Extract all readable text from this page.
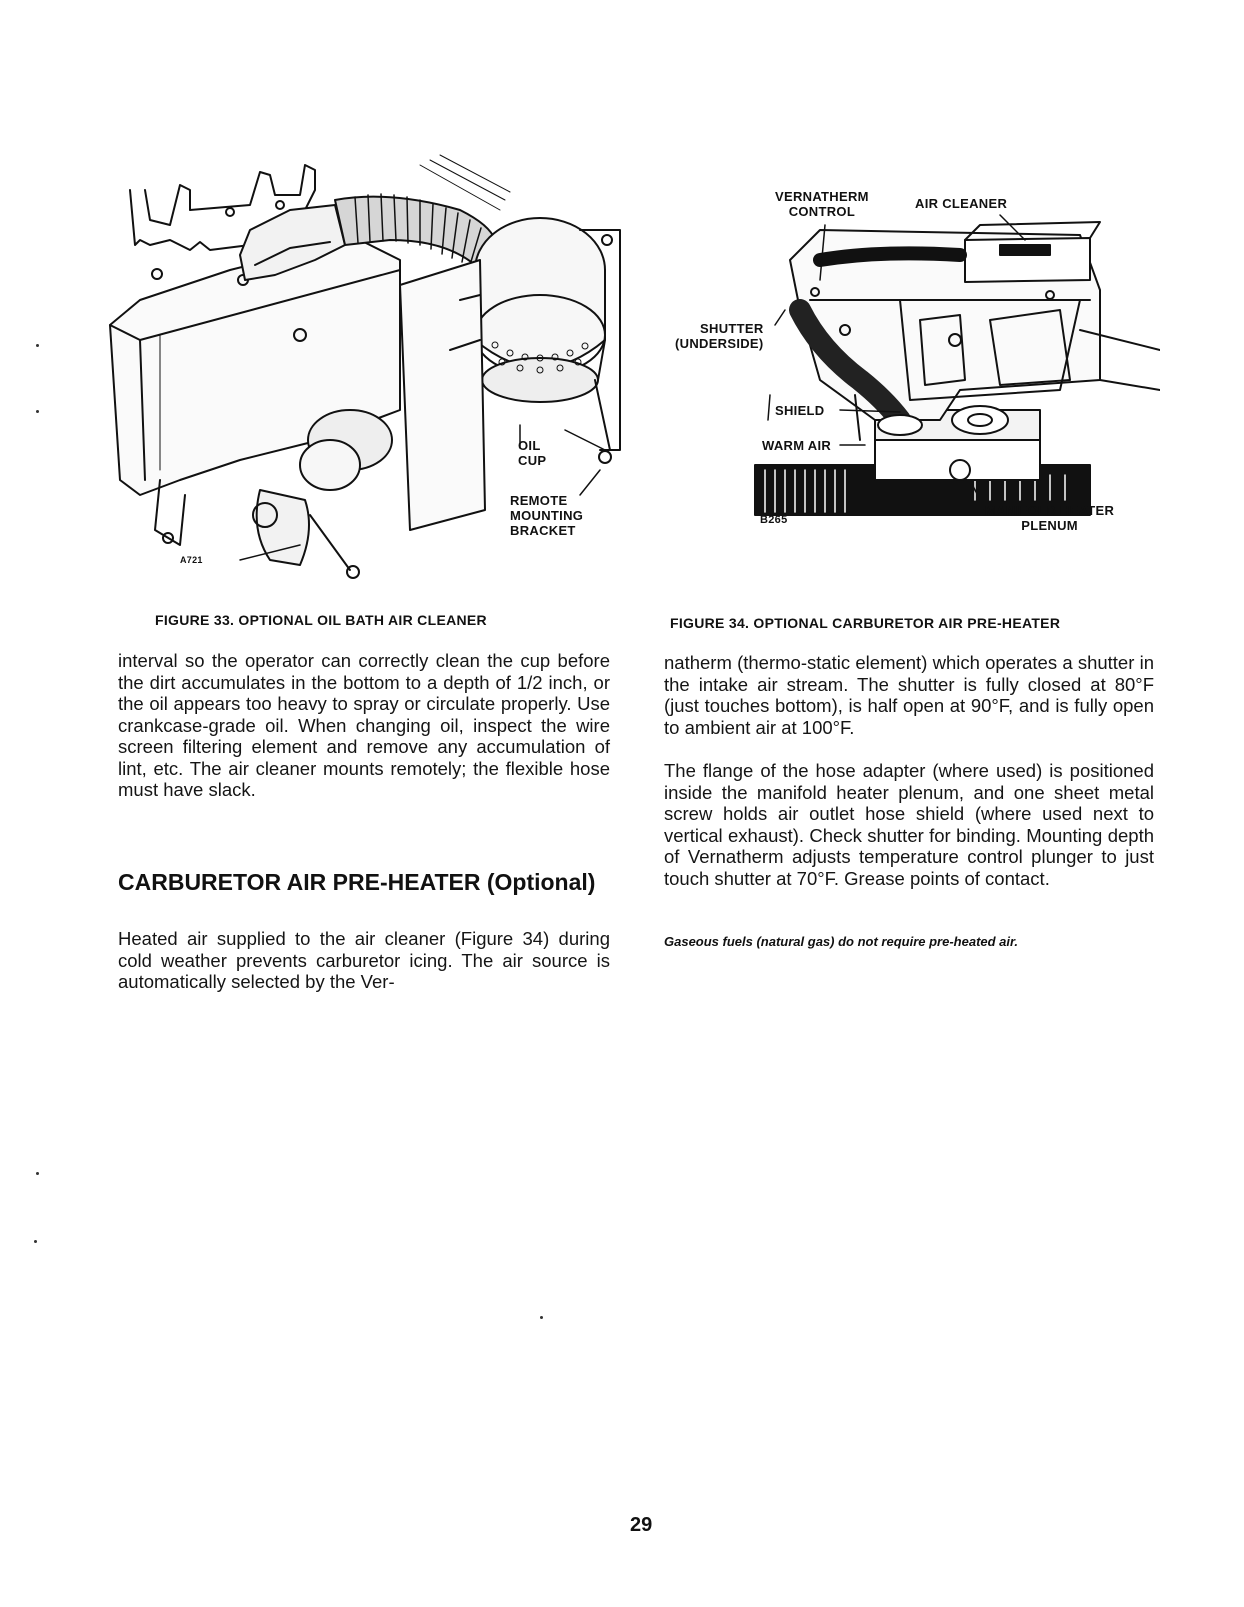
OIL
CUP
REMOTE
MOUNTING
BRACKET
A721
FIGURE 33. OPTIONAL OIL BATH AIR CLEANER
VERNATHERM
CONTROL
AIR CLEANER
SHUTTER
(UNDERSIDE)
SHIELD
WARM AIR
MANIFOLD HEATER
PLENUM
B265
FIGURE 34. OPTIONAL CARBURETOR AIR PRE-HEATER

interval so the operator can correctly clean the cup before the dirt accumulates in the bottom to a depth of 1/2 inch, or the oil appears too heavy to spray or circulate properly. Use crankcase-grade oil. When changing oil, inspect the wire screen filtering element and remove any accumulation of lint, etc. The air cleaner mounts remotely; the flexible hose must have slack.

CARBURETOR AIR PRE-HEATER (Optional)

Heated air supplied to the air cleaner (Figure 34) during cold weather prevents carburetor icing. The air source is automatically selected by the Ver-

natherm (thermo-static element) which operates a shutter in the intake air stream. The shutter is fully closed at 80°F (just touches bottom), is half open at 90°F, and is fully open to ambient air at 100°F.

The flange of the hose adapter (where used) is positioned inside the manifold heater plenum, and one sheet metal screw holds air outlet hose shield (where used next to vertical exhaust). Check shutter for binding. Mounting depth of Vernatherm adjusts temperature control plunger to just touch shutter at 70°F. Grease points of contact.

Gaseous fuels (natural gas) do not require pre-heated air.
29
